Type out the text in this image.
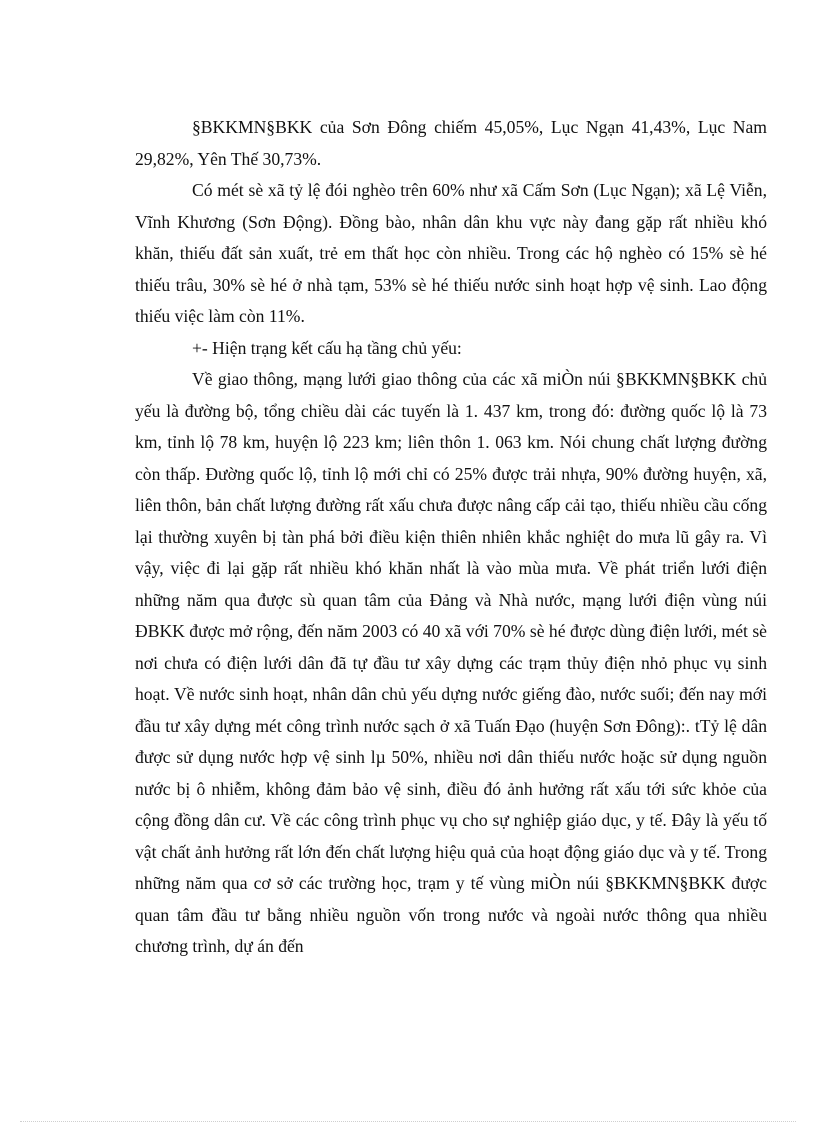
§BKKMN§BKK của Sơn Đông chiếm 45,05%, Lục Ngạn 41,43%, Lục Nam 29,82%, Yên Thế 30,73%.

Có mét sè xã tỷ lệ đói nghèo trên 60% như xã Cấm Sơn (Lục Ngạn); xã Lệ Viễn, Vĩnh Khương (Sơn Động). Đồng bào, nhân dân khu vực này đang gặp rất nhiều khó khăn, thiếu đất sản xuất, trẻ em thất học còn nhiều. Trong các hộ nghèo có 15% sè hé thiếu trâu, 30% sè hé ở nhà tạm, 53% sè hé thiếu nước sinh hoạt hợp vệ sinh. Lao động thiếu việc làm còn 11%.

+- Hiện trạng kết cấu hạ tầng chủ yếu:

Về giao thông, mạng lưới giao thông của các xã miÒn núi §BKKMN§BKK chủ yếu là đường bộ, tổng chiều dài các tuyến là 1. 437 km, trong đó: đường quốc lộ là 73 km, tỉnh lộ 78 km, huyện lộ 223 km; liên thôn 1. 063 km. Nói chung chất lượng đường còn thấp. Đường quốc lộ, tỉnh lộ mới chỉ có 25% được trải nhựa, 90% đường huyện, xã, liên thôn, bản chất lượng đường rất xấu chưa được nâng cấp cải tạo, thiếu nhiều cầu cống lại thường xuyên bị tàn phá bởi điều kiện thiên nhiên khắc nghiệt do mưa lũ gây ra. Vì vậy, việc đi lại gặp rất nhiều khó khăn nhất là vào mùa mưa. Về phát triển lưới điện những năm qua được sù quan tâm của Đảng và Nhà nước, mạng lưới điện vùng núi ĐBKK được mở rộng, đến năm 2003 có 40 xã với 70% sè hé được dùng điện lưới, mét sè nơi chưa có điện lưới dân đã tự đầu tư xây dựng các trạm thủy điện nhỏ phục vụ sinh hoạt. Về nước sinh hoạt, nhân dân chủ yếu dựng nước giếng đào, nước suối; đến nay mới đầu tư xây dựng mét công trình nước sạch ở xã Tuấn Đạo (huyện Sơn Đông):. tTỷ lệ dân được sử dụng nước hợp vệ sinh lµ 50%, nhiều nơi dân thiếu nước hoặc sử dụng nguồn nước bị ô nhiễm, không đảm bảo vệ sinh, điều đó ảnh hưởng rất xấu tới sức khỏe của cộng đồng dân cư. Về các công trình phục vụ cho sự nghiệp giáo dục, y tế. Đây là yếu tố vật chất ảnh hưởng rất lớn đến chất lượng hiệu quả của hoạt động giáo dục và y tế. Trong những năm qua cơ sở các trường học, trạm y tế vùng miÒn núi §BKKMN§BKK được quan tâm đầu tư bằng nhiều nguồn vốn trong nước và ngoài nước thông qua nhiều chương trình, dự án đến
